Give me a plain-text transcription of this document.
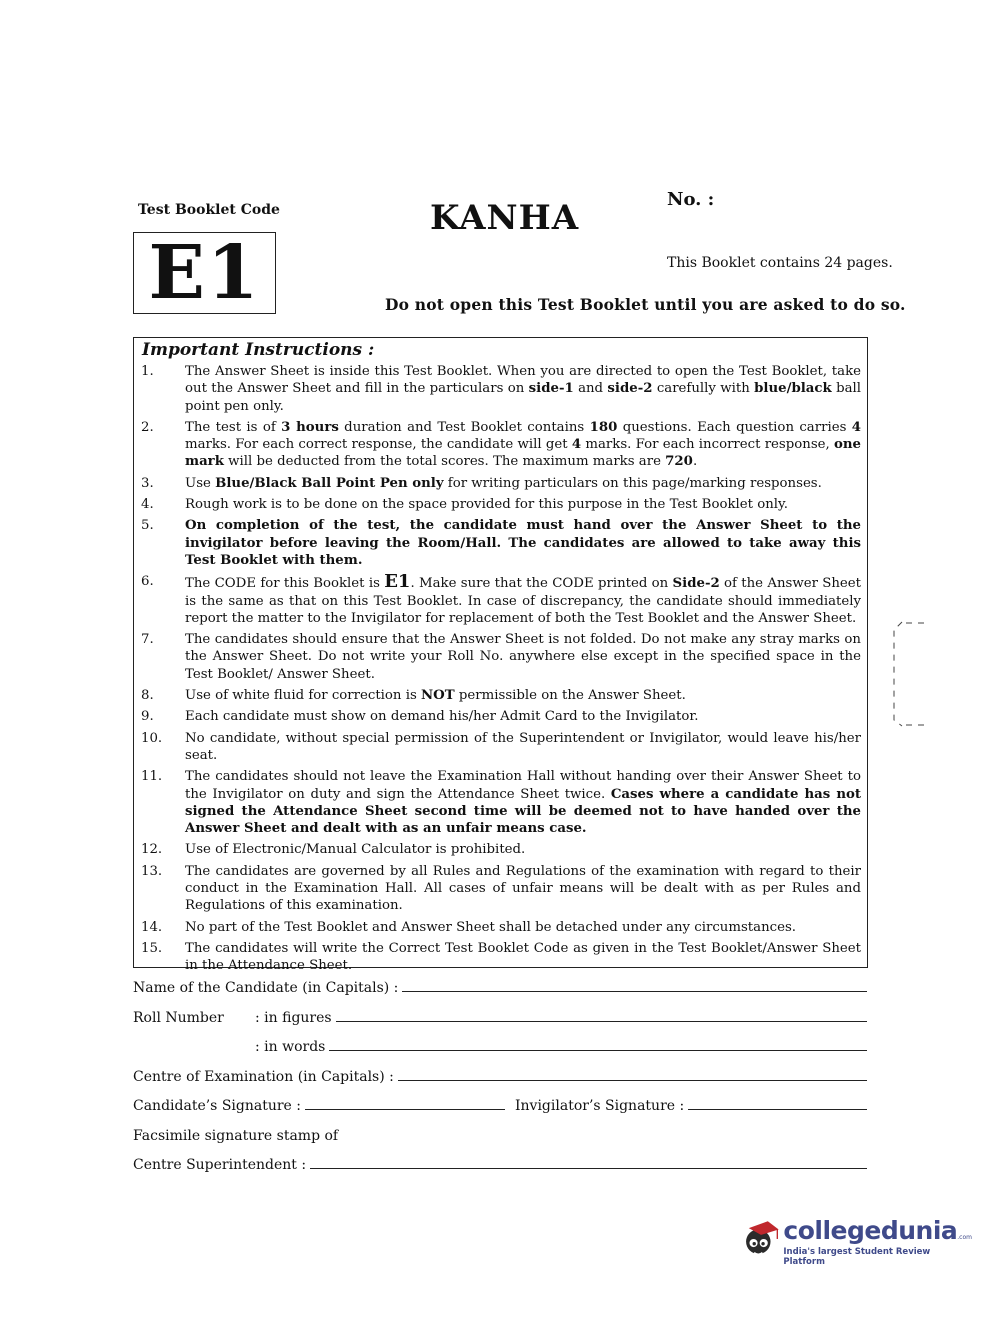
Test Booklet Code
E1
KANHA	No. :
This Booklet contains 24 pages.
Do not open this Test Booklet until you are asked to do so.
Important Instructions :
1.	The Answer Sheet is inside this Test Booklet. When you are directed to open the Test Booklet, take out the Answer Sheet and fill in the particulars on side-1 and side-2 carefully with blue/black ball point pen only.
2.	The test is of 3 hours duration and Test Booklet contains 180 questions. Each question carries 4 marks. For each correct response, the candidate will get 4 marks. For each incorrect response, one mark will be deducted from the total scores. The maximum marks are 720.
3.	Use Blue/Black Ball Point Pen only for writing particulars on this page/marking responses.
4.	Rough work is to be done on the space provided for this purpose in the Test Booklet only.
5.	On completion of the test, the candidate must hand over the Answer Sheet to the invigilator before leaving the Room/Hall. The candidates are allowed to take away this Test Booklet with them.
6.	The CODE for this Booklet is E1. Make sure that the CODE printed on Side-2 of the Answer Sheet is the same as that on this Test Booklet. In case of discrepancy, the candidate should immediately report the matter to the Invigilator for replacement of both the Test Booklet and the Answer Sheet.
7.	The candidates should ensure that the Answer Sheet is not folded. Do not make any stray marks on the Answer Sheet. Do not write your Roll No. anywhere else except in the specified space in the Test Booklet/ Answer Sheet.
8.	Use of white fluid for correction is NOT permissible on the Answer Sheet.
9.	Each candidate must show on demand his/her Admit Card to the Invigilator.
10.	No candidate, without special permission of the Superintendent or Invigilator, would leave his/her seat.
11.	The candidates should not leave the Examination Hall without handing over their Answer Sheet to the Invigilator on duty and sign the Attendance Sheet twice. Cases where a candidate has not signed the Attendance Sheet second time will be deemed not to have handed over the Answer Sheet and dealt with as an unfair means case.
12.	Use of Electronic/Manual Calculator is prohibited.
13.	The candidates are governed by all Rules and Regulations of the examination with regard to their conduct in the Examination Hall. All cases of unfair means will be dealt with as per Rules and Regulations of this examination.
14.	No part of the Test Booklet and Answer Sheet shall be detached under any circumstances.
15.	The candidates will write the Correct Test Booklet Code as given in the Test Booklet/Answer Sheet in the Attendance Sheet.
Name of the Candidate (in Capitals) :
Roll Number	: in figures
: in words
Centre of Examination (in Capitals) :
Candidate’s Signature :	Invigilator’s Signature :
Facsimile signature stamp of
Centre Superintendent :
collegedunia.com
India's largest Student Review Platform
